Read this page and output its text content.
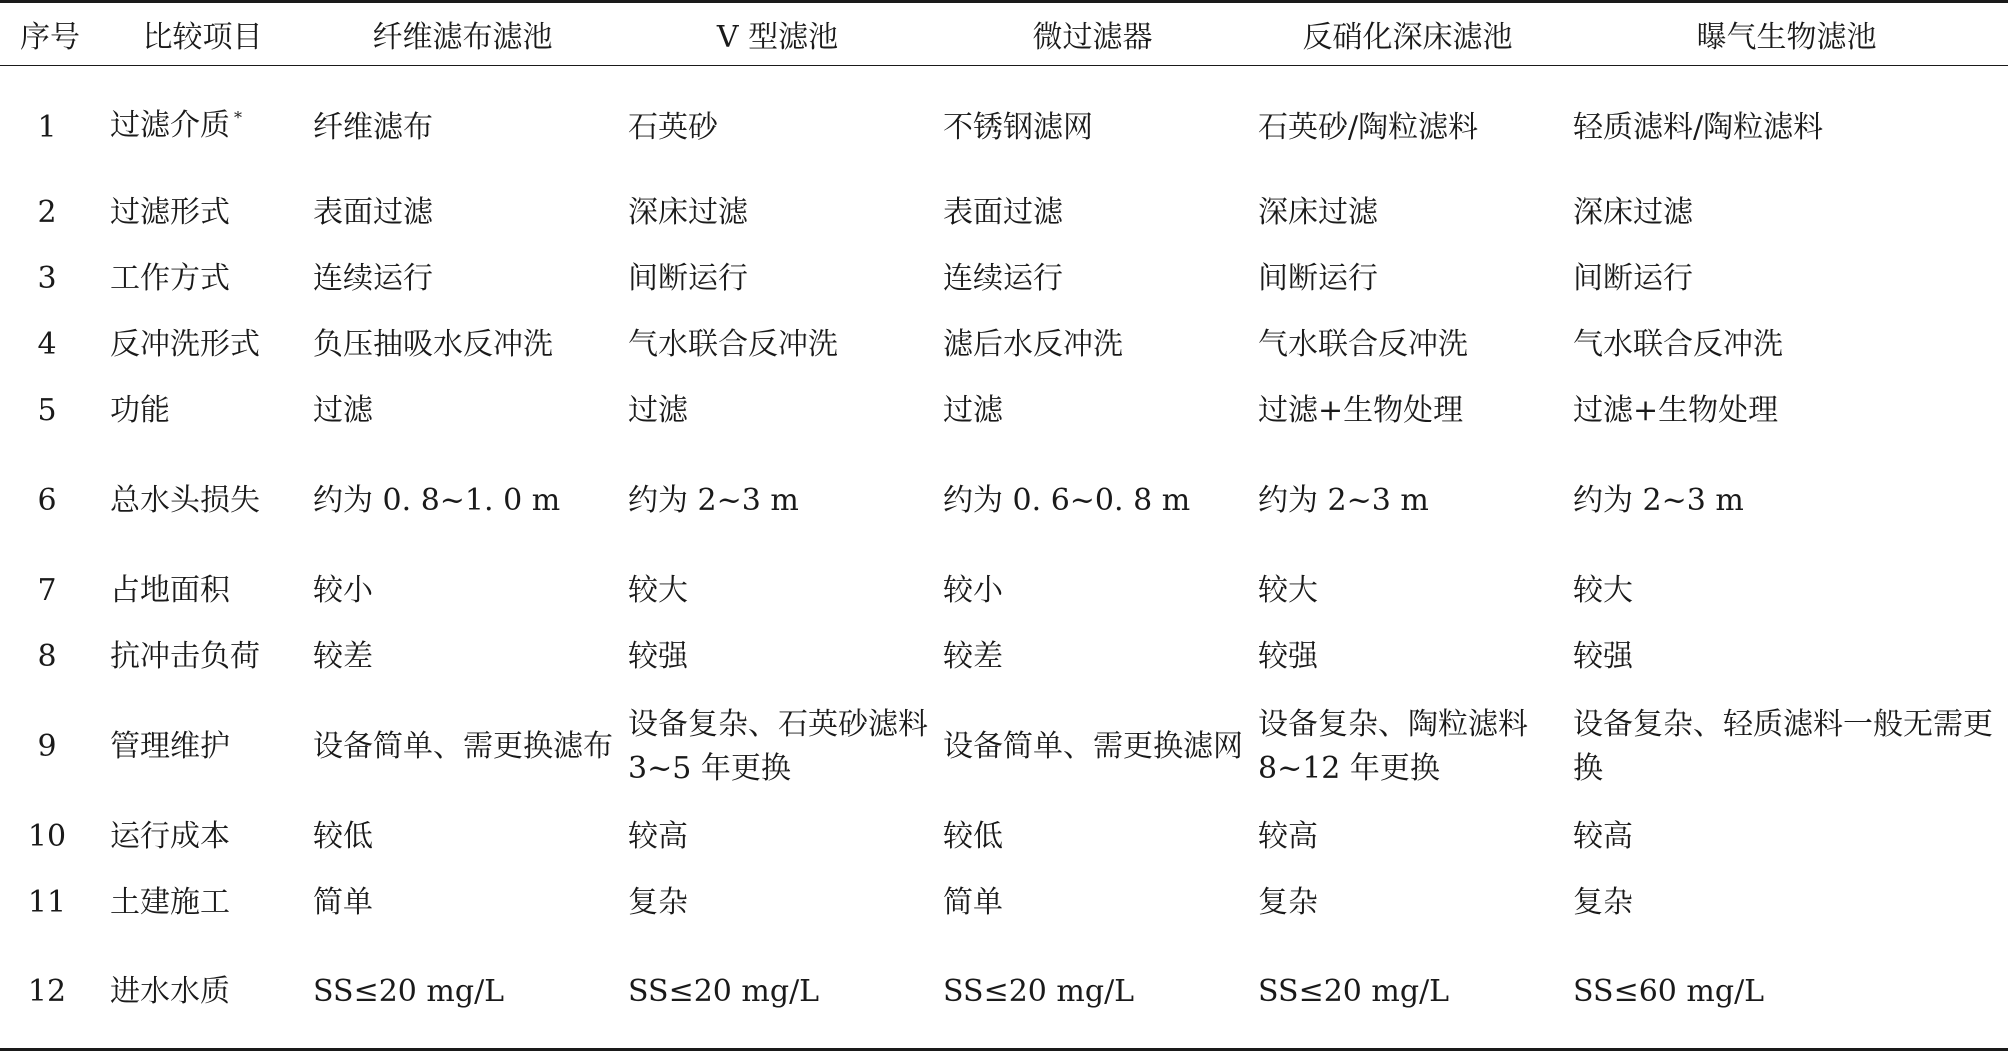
序号	比较项目	纤维滤布滤池	V 型滤池	微过滤器	反硝化深床滤池	曝气生物滤池
1	过滤介质 *	纤维滤布	石英砂	不锈钢滤网	石英砂/陶粒滤料	轻质滤料/陶粒滤料
2	过滤形式	表面过滤	深床过滤	表面过滤	深床过滤	深床过滤
3	工作方式	连续运行	间断运行	连续运行	间断运行	间断运行
4	反冲洗形式	负压抽吸水反冲洗	气水联合反冲洗	滤后水反冲洗	气水联合反冲洗	气水联合反冲洗
5	功能	过滤	过滤	过滤	过滤+生物处理	过滤+生物处理
6	总水头损失	约为 0. 8~1. 0 m	约为 2~3 m	约为 0. 6~0. 8 m	约为 2~3 m	约为 2~3 m
7	占地面积	较小	较大	较小	较大	较大
8	抗冲击负荷	较差	较强	较差	较强	较强
9	管理维护	设备简单、需更换滤布	设备复杂、石英砂滤料 3~5 年更换	设备简单、需更换滤网	设备复杂、陶粒滤料 8~12 年更换	设备复杂、轻质滤料一般无需更换
10	运行成本	较低	较高	较低	较高	较高
11	土建施工	简单	复杂	简单	复杂	复杂
12	进水水质	SS≤20 mg/L	SS≤20 mg/L	SS≤20 mg/L	SS≤20 mg/L	SS≤60 mg/L
